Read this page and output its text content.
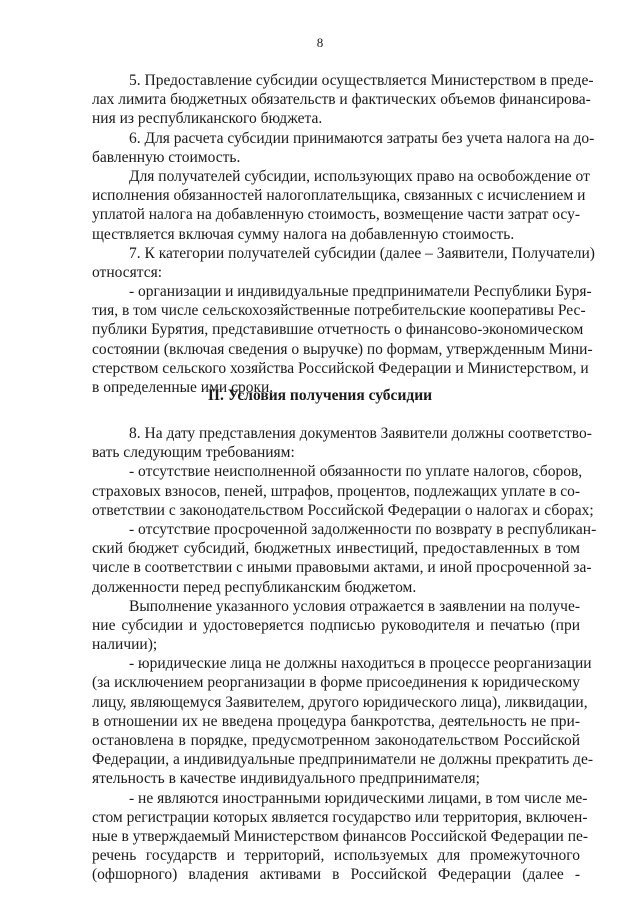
8
5. Предоставление субсидии осуществляется Министерством в преде-
лах лимита бюджетных обязательств и фактических объемов финансирова-
ния из республиканского бюджета.
6. Для расчета субсидии принимаются затраты без учета налога на до-
бавленную стоимость.
Для получателей субсидии, использующих право на освобождение от
исполнения обязанностей налогоплательщика, связанных с исчислением и
уплатой налога на добавленную стоимость, возмещение части затрат осу-
ществляется включая сумму налога на добавленную стоимость.
7. К категории получателей субсидии (далее – Заявители, Получатели)
относятся:
- организации и индивидуальные предприниматели Республики Буря-
тия, в том числе сельскохозяйственные потребительские кооперативы Рес-
публики Бурятия, представившие отчетность о финансово-экономическом
состоянии (включая сведения о выручке) по формам, утвержденным Мини-
стерством сельского хозяйства Российской Федерации и Министерством, и
в определенные ими сроки.
II. Условия получения субсидии
8. На дату представления документов Заявители должны соответство-
вать следующим требованиям:
- отсутствие неисполненной обязанности по уплате налогов, сборов,
страховых взносов, пеней, штрафов, процентов, подлежащих уплате в со-
ответствии с законодательством Российской Федерации о налогах и сборах;
- отсутствие просроченной задолженности по возврату в республикан-
ский бюджет субсидий, бюджетных инвестиций, предоставленных в том
числе в соответствии с иными правовыми актами, и иной просроченной за-
долженности перед республиканским бюджетом.
Выполнение указанного условия отражается в заявлении на получе-
ние субсидии и удостоверяется подписью руководителя и печатью (при
наличии);
- юридические лица не должны находиться в процессе реорганизации
(за исключением реорганизации в форме присоединения к юридическому
лицу, являющемуся Заявителем, другого юридического лица), ликвидации,
в отношении их не введена процедура банкротства, деятельность не при-
остановлена в порядке, предусмотренном законодательством Российской
Федерации, а индивидуальные предприниматели не должны прекратить де-
ятельность в качестве индивидуального предпринимателя;
- не являются иностранными юридическими лицами, в том числе ме-
стом регистрации которых является государство или территория, включен-
ные в утверждаемый Министерством финансов Российской Федерации пе-
речень государств и территорий, используемых для промежуточного
(офшорного) владения активами в Российской Федерации (далее -
